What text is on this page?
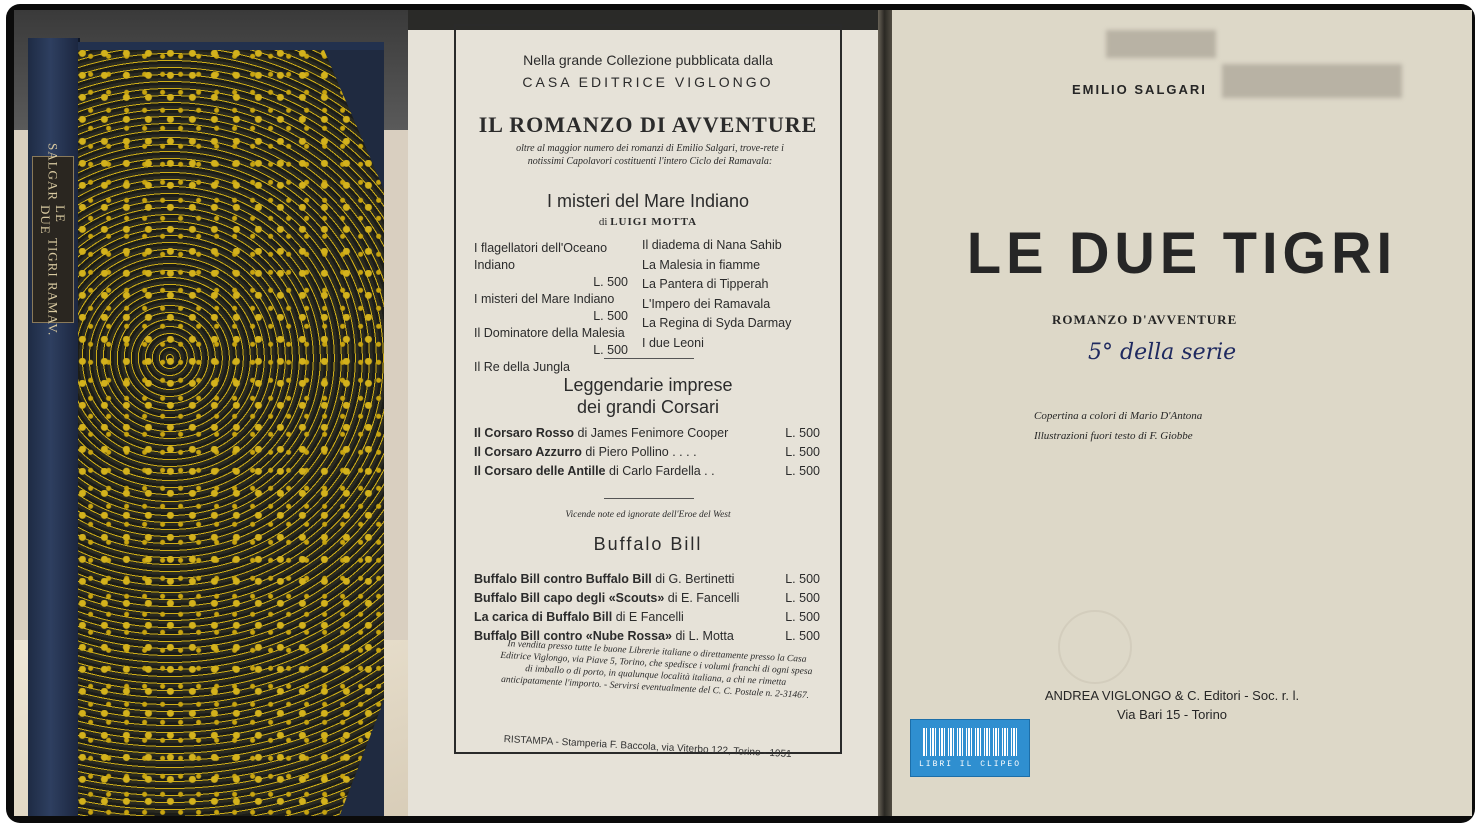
SALGAR
LE DUE
TIGRI
RAMAV.
Nella grande Collezione pubblicata dalla
CASA EDITRICE VIGLONGO
IL ROMANZO DI AVVENTURE
oltre al maggior numero dei romanzi di Emilio Salgari, trove-rete i notissimi Capolavori costituenti l'intero Ciclo dei Ramavala:
I misteri del Mare Indiano
di LUIGI MOTTA
I flagellatori dell'Oceano Indiano
L. 500
I misteri del Mare Indiano
L. 500
Il Dominatore della Malesia
L. 500
Il Re della Jungla
Il diadema di Nana Sahib
La Malesia in fiamme
La Pantera di Tipperah
L'Impero dei Ramavala
La Regina di Syda Darmay
I due Leoni
Leggendarie imprese
dei grandi Corsari
Il Corsaro Rosso di James Fenimore Cooper	L. 500
Il Corsaro Azzurro di Piero Pollino . . . .	L. 500
Il Corsaro delle Antille di Carlo Fardella . .	L. 500
Vicende note ed ignorate dell'Eroe del West
Buffalo Bill
Buffalo Bill contro Buffalo Bill di G. Bertinetti	L. 500
Buffalo Bill capo degli «Scouts» di E. Fancelli	L. 500
La carica di Buffalo Bill di E Fancelli	L. 500
Buffalo Bill contro «Nube Rossa» di L. Motta	L. 500
In vendita presso tutte le buone Librerie italiane o direttamente presso la Casa Editrice Viglongo, via Piave 5, Torino, che spedisce i volumi franchi di ogni spesa di imballo o di porto, in qualunque località italiana, a chi ne rimetta anticipatamente l'importo. - Servirsi eventualmente del C. C. Postale n. 2-31467.
RISTAMPA - Stamperia F. Baccola, via Viterbo 122, Torino - 1951
EMILIO SALGARI
LE DUE TIGRI
ROMANZO D'AVVENTURE
5° della serie
Copertina a colori di Mario D'Antona
Illustrazioni fuori testo di F. Giobbe
ANDREA VIGLONGO & C. Editori - Soc. r. l.
Via Bari 15 - Torino
LIBRI IL CLIPEO
